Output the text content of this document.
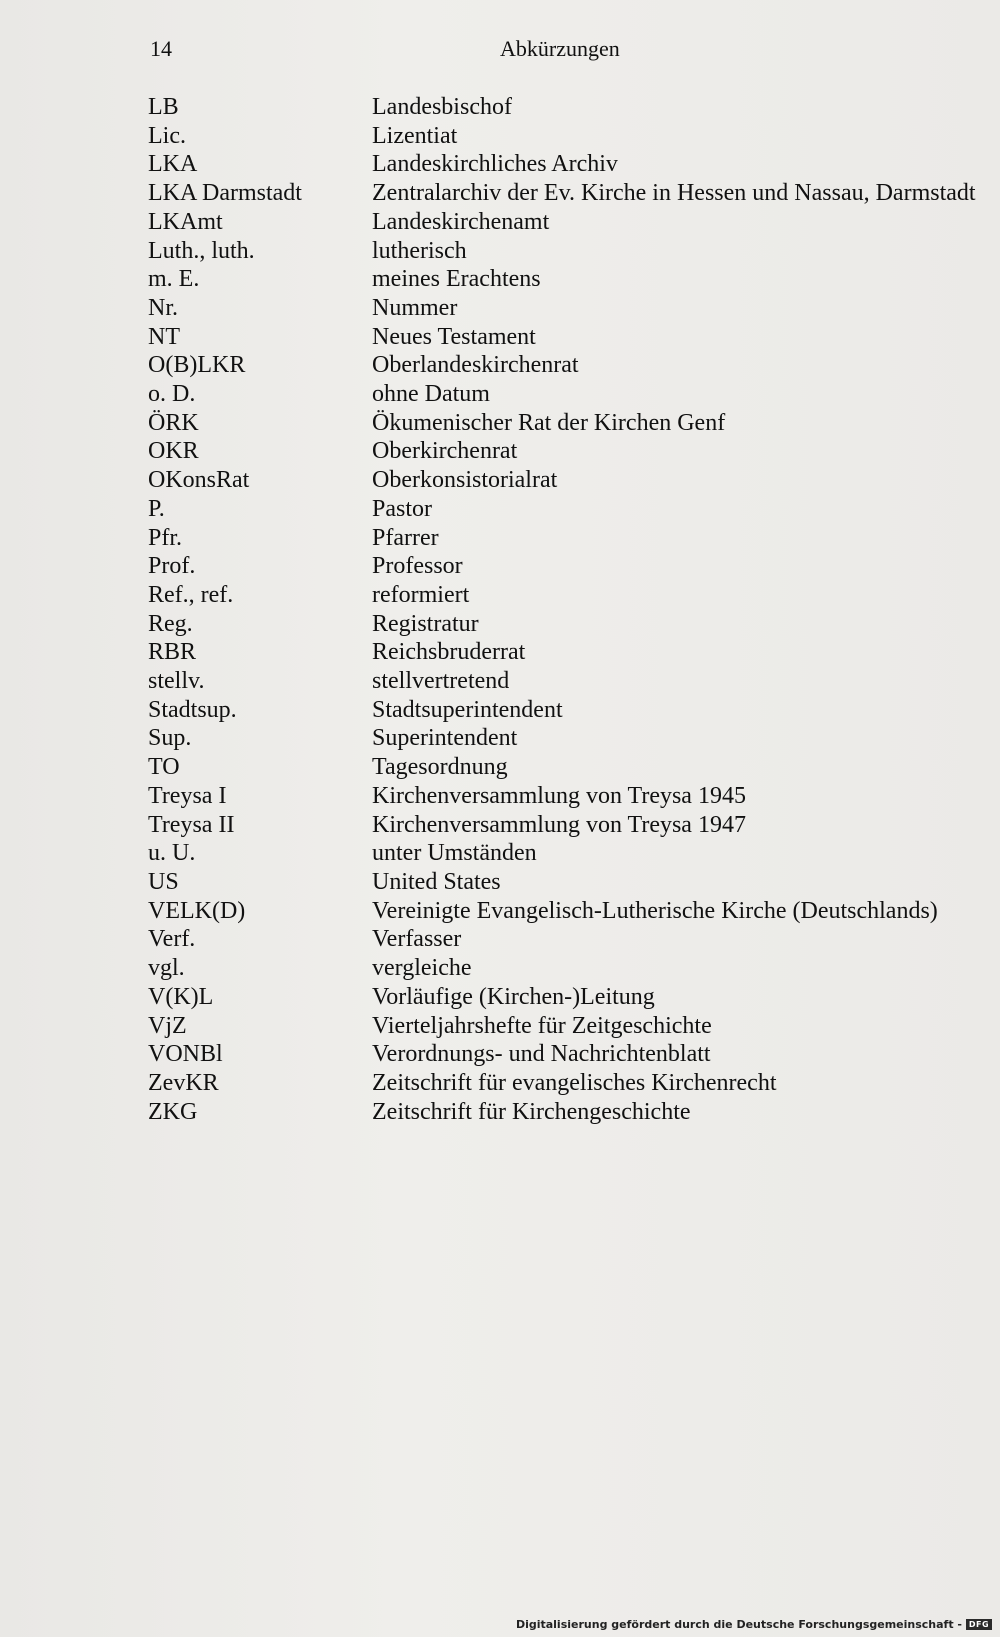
14	Abkürzungen
LB	Landesbischof
Lic.	Lizentiat
LKA	Landeskirchliches Archiv
LKA Darmstadt	Zentralarchiv der Ev. Kirche in Hessen und Nassau, Darmstadt
LKAmt	Landeskirchenamt
Luth., luth.	lutherisch
m. E.	meines Erachtens
Nr.	Nummer
NT	Neues Testament
O(B)LKR	Oberlandeskirchenrat
o. D.	ohne Datum
ÖRK	Ökumenischer Rat der Kirchen Genf
OKR	Oberkirchenrat
OKonsRat	Oberkonsistorialrat
P.	Pastor
Pfr.	Pfarrer
Prof.	Professor
Ref., ref.	reformiert
Reg.	Registratur
RBR	Reichsbruderrat
stellv.	stellvertretend
Stadtsup.	Stadtsuperintendent
Sup.	Superintendent
TO	Tagesordnung
Treysa I	Kirchenversammlung von Treysa 1945
Treysa II	Kirchenversammlung von Treysa 1947
u. U.	unter Umständen
US	United States
VELK(D)	Vereinigte Evangelisch-Lutherische Kirche (Deutschlands)
Verf.	Verfasser
vgl.	vergleiche
V(K)L	Vorläufige (Kirchen-)Leitung
VjZ	Vierteljahrshefte für Zeitgeschichte
VONBl	Verordnungs- und Nachrichtenblatt
ZevKR	Zeitschrift für evangelisches Kirchenrecht
ZKG	Zeitschrift für Kirchengeschichte
Digitalisierung gefördert durch die Deutsche Forschungsgemeinschaft - DFG
